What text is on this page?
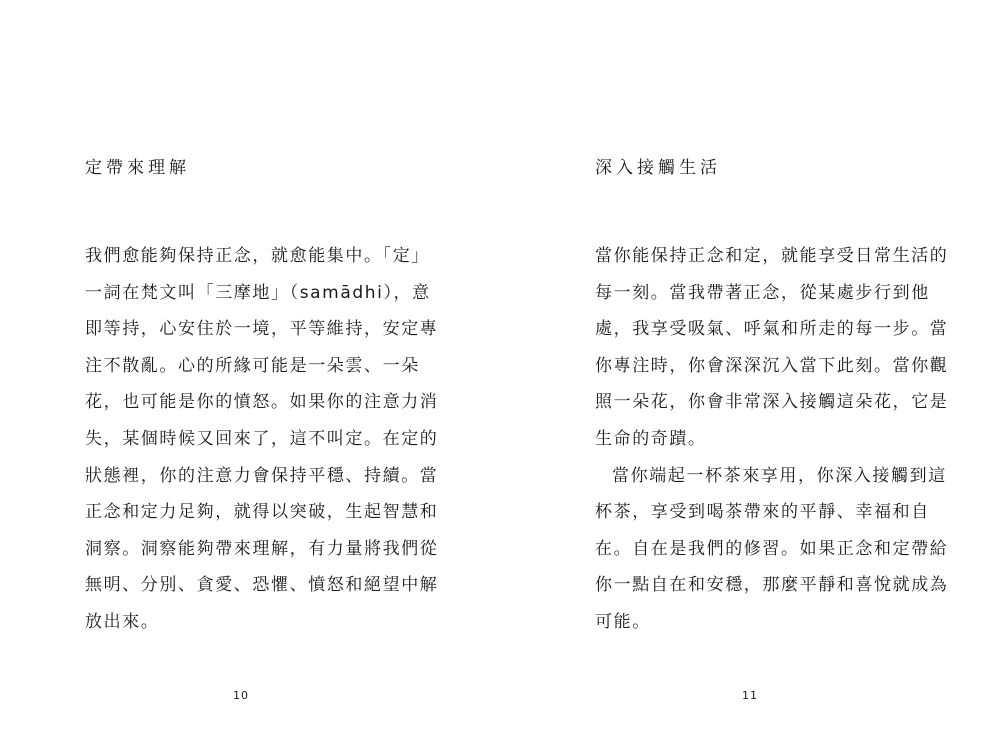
定帶來理解
我們愈能夠保持正念，就愈能集中。「定」
一詞在梵文叫「三摩地」（samādhi），意
即等持，心安住於一境，平等維持，安定專
注不散亂。心的所緣可能是一朵雲、一朵
花，也可能是你的憤怒。如果你的注意力消
失，某個時候又回來了，這不叫定。在定的
狀態裡，你的注意力會保持平穩、持續。當
正念和定力足夠，就得以突破，生起智慧和
洞察。洞察能夠帶來理解，有力量將我們從
無明、分別、貪愛、恐懼、憤怒和絕望中解
放出來。

10

深入接觸生活
當你能保持正念和定，就能享受日常生活的
每一刻。當我帶著正念，從某處步行到他
處，我享受吸氣、呼氣和所走的每一步。當
你專注時，你會深深沉入當下此刻。當你觀
照一朵花，你會非常深入接觸這朵花，它是
生命的奇蹟。
當你端起一杯茶來享用，你深入接觸到這
杯茶，享受到喝茶帶來的平靜、幸福和自
在。自在是我們的修習。如果正念和定帶給
你一點自在和安穩，那麼平靜和喜悅就成為
可能。

11
